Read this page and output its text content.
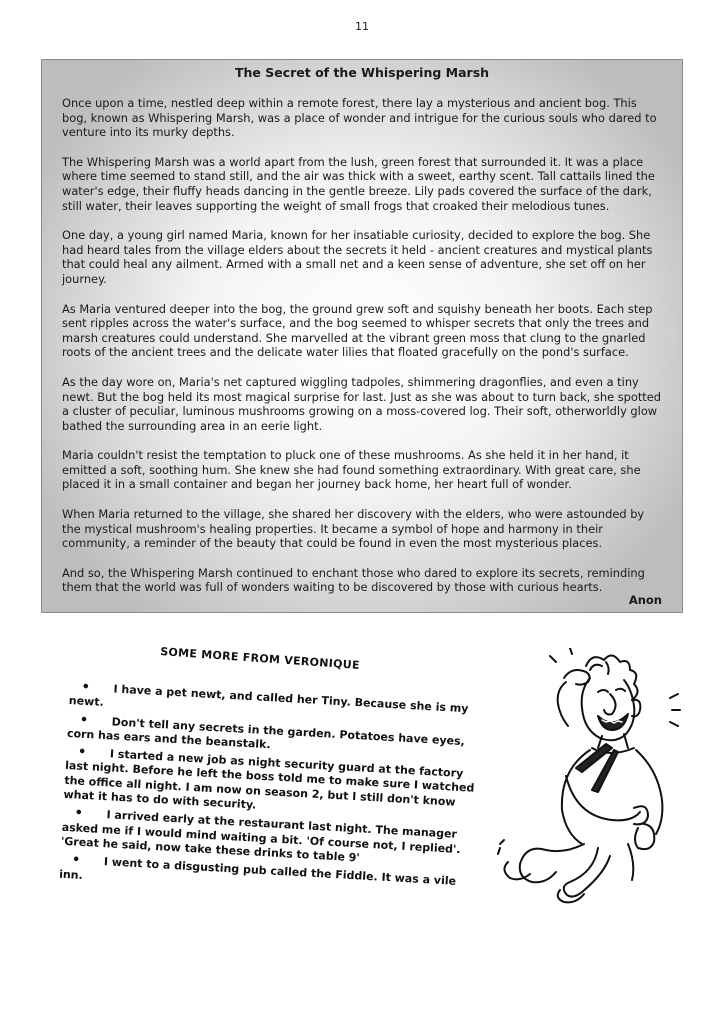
11
The Secret of the Whispering Marsh

Once upon a time, nestled deep within a remote forest, there lay a mysterious and ancient bog. This bog, known as Whispering Marsh, was a place of wonder and intrigue for the curious souls who dared to venture into its murky depths.

The Whispering Marsh was a world apart from the lush, green forest that surrounded it. It was a place where time seemed to stand still, and the air was thick with a sweet, earthy scent. Tall cattails lined the water's edge, their fluffy heads dancing in the gentle breeze. Lily pads covered the surface of the dark, still water, their leaves supporting the weight of small frogs that croaked their melodious tunes.

One day, a young girl named Maria, known for her insatiable curiosity, decided to explore the bog. She had heard tales from the village elders about the secrets it held - ancient creatures and mystical plants that could heal any ailment. Armed with a small net and a keen sense of adventure, she set off on her journey.

As Maria ventured deeper into the bog, the ground grew soft and squishy beneath her boots. Each step sent ripples across the water's surface, and the bog seemed to whisper secrets that only the trees and marsh creatures could understand. She marvelled at the vibrant green moss that clung to the gnarled roots of the ancient trees and the delicate water lilies that floated gracefully on the pond's surface.

As the day wore on, Maria's net captured wiggling tadpoles, shimmering dragonflies, and even a tiny newt. But the bog held its most magical surprise for last. Just as she was about to turn back, she spotted a cluster of peculiar, luminous mushrooms growing on a moss-covered log. Their soft, otherworldly glow bathed the surrounding area in an eerie light.

Maria couldn't resist the temptation to pluck one of these mushrooms. As she held it in her hand, it emitted a soft, soothing hum. She knew she had found something extraordinary. With great care, she placed it in a small container and began her journey back home, her heart full of wonder.

When Maria returned to the village, she shared her discovery with the elders, who were astounded by the mystical mushroom's healing properties. It became a symbol of hope and harmony in their community, a reminder of the beauty that could be found in even the most mysterious places.

And so, the Whispering Marsh continued to enchant those who dared to explore its secrets, reminding them that the world was full of wonders waiting to be discovered by those with curious hearts.

Anon
SOME MORE FROM VERONIQUE
• I have a pet newt, and called her Tiny. Because she is my newt.
• Don't tell any secrets in the garden. Potatoes have eyes, corn has ears and the beanstalk.
• I started a new job as night security guard at the factory last night. Before he left the boss told me to make sure I watched the office all night. I am now on season 2, but I still don't know what it has to do with security.
• I arrived early at the restaurant last night. The manager asked me if I would mind waiting a bit. 'Of course not, I replied'. 'Great he said, now take these drinks to table 9'
• I went to a disgusting pub called the Fiddle. It was a vile inn.
